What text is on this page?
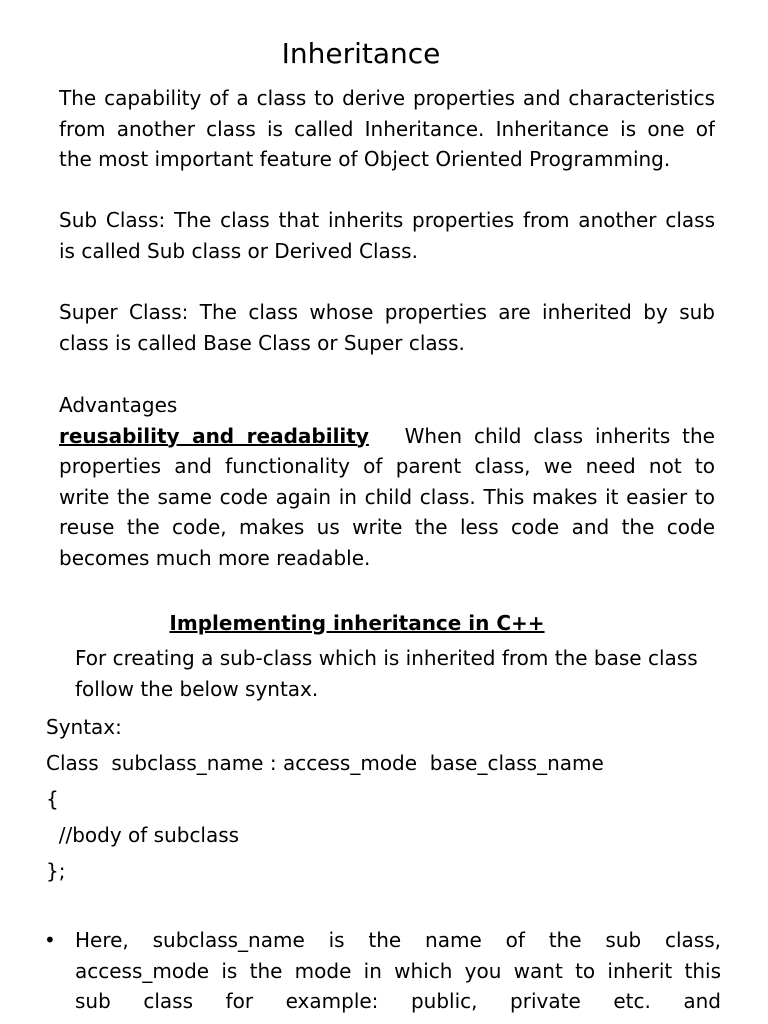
Inheritance
The capability of a class to derive properties and characteristics
from another class is called Inheritance. Inheritance is one of
the most important feature of Object Oriented Programming.
Sub Class: The class that inherits properties from another class
is called Sub class or Derived Class.
Super Class: The class whose properties are inherited by sub
class is called Base Class or Super class.
Advantages
reusability and readability When child class inherits the
properties and functionality of parent class, we need not to
write the same code again in child class. This makes it easier to
reuse the code, makes us write the less code and the code
becomes much more readable.
Implementing inheritance in C++
For creating a sub-class which is inherited from the base class
follow the below syntax.
Syntax:
Class  subclass_name : access_mode  base_class_name
{
//body of subclass
};
• Here, subclass_name is the name of the sub class,
access_mode is the mode in which you want to inherit this
sub class for example: public, private etc. and
